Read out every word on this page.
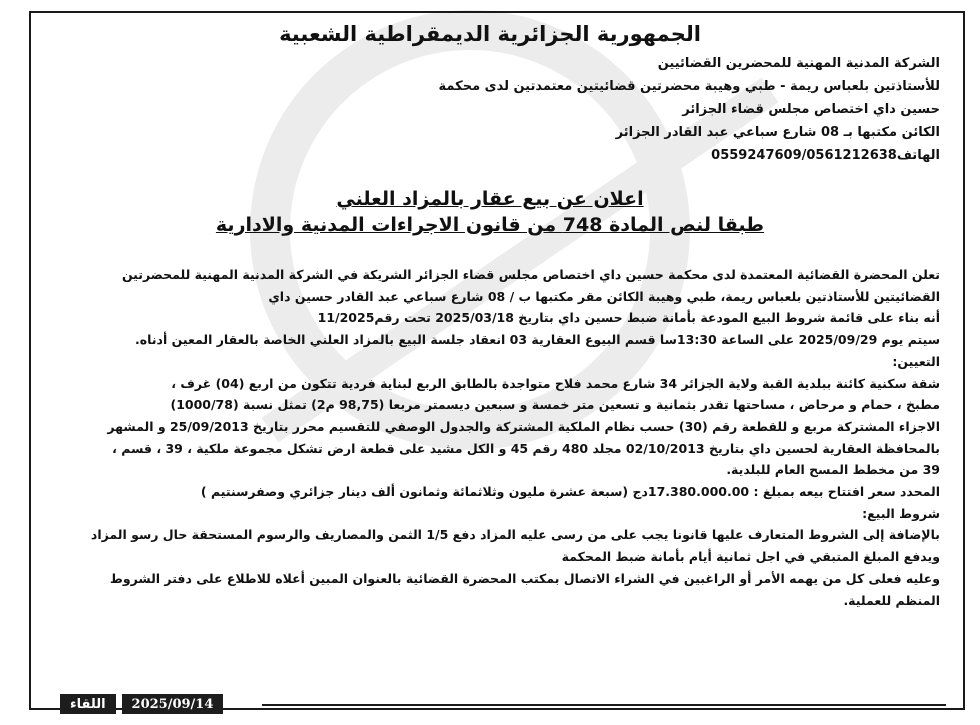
الجمهورية الجزائرية الديمقراطية الشعبية

الشركة المدنية المهنية للمحضرين القضائيين

للأستاذتين بلعباس ريمة - طبي وهيبة محضرتين قضائيتين معتمدتين لدى محكمة

حسين داي اختصاص مجلس قضاء الجزائر

الكائن مكتبها بـ 08 شارع سباعي عبد القادر الجزائر

الهاتف0559247609/0561212638

اعلان عن بيع عقار بالمزاد العلني

طبقا لنص المادة 748 من قانون الاجراءات المدنية والادارية

تعلن المحضرة القضائية المعتمدة لدى محكمة حسين داي اختصاص مجلس قضاء الجزائر الشريكة في الشركة المدنية المهنية للمحضرتين

القضائيتين للأستاذتين بلعباس ريمة، طبي وهيبة الكائن مقر مكتبها ب / 08 شارع سباعي عبد القادر حسين داي

أنه بناء على قائمة شروط البيع المودعة بأمانة ضبط حسين داي بتاريخ 2025/03/18 تحت رقم11/2025

سيتم يوم 2025/09/29 على الساعة 13:30سا قسم البيوع العقارية 03 انعقاد جلسة البيع بالمزاد العلني الخاصة بالعقار المعين أدناه.

التعيين:

شقة سكنية كائنة ببلدية القبة ولاية الجزائر 34 شارع محمد فلاح متواجدة بالطابق الربع لبناية فردية تتكون من اربع (04) غرف ،

مطبخ ، حمام و مرحاض ، مساحتها تقدر بثمانية و تسعين متر خمسة و سبعين ديسمتر مربعا (98,75 م2) تمثل نسبة (1000/78)

الاجزاء المشتركة مربع و للقطعة رقم (30) حسب نظام الملكية المشتركة والجدول الوصفي للتقسيم محرر بتاريخ 25/09/2013 و المشهر

بالمحافظة العقارية لحسين داي بتاريخ 02/10/2013 مجلد 480 رقم 45 و الكل مشيد على قطعة ارض تشكل مجموعة ملكية ، 39 ، قسم ،

39 من مخطط المسح العام للبلدية.

المحدد سعر افتتاح بيعه بمبلغ : 17.380.000.00دج (سبعة عشرة مليون وثلاثمائة وثمانون ألف دينار جزائري وصفرسنتيم )

شروط البيع:

بالإضافة إلى الشروط المتعارف عليها قانونا يجب على من رسى عليه المزاد دفع 1/5 الثمن والمصاريف والرسوم المستحقة حال رسو المزاد

ويدفع المبلغ المتبقي في اجل ثمانية أيام بأمانة ضبط المحكمة

وعليه فعلى كل من يهمه الأمر أو الراغبين في الشراء الاتصال بمكتب المحضرة القضائية بالعنوان المبين أعلاه للاطلاع على دفتر الشروط

المنظم للعملية.

اللقاء	2025/09/14
